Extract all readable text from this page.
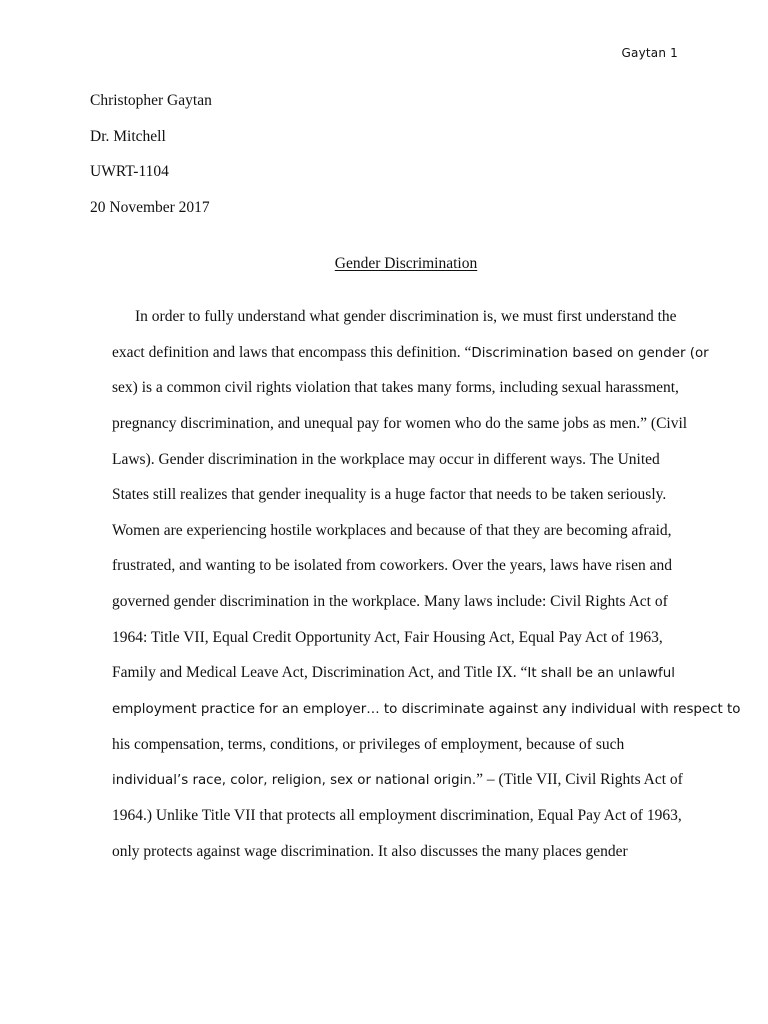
Gaytan 1
Christopher Gaytan
Dr. Mitchell
UWRT-1104
20 November 2017
Gender Discrimination
In order to fully understand what gender discrimination is, we must first understand the
exact definition and laws that encompass this definition. “Discrimination based on gender (or
sex) is a common civil rights violation that takes many forms, including sexual harassment,
pregnancy discrimination, and unequal pay for women who do the same jobs as men.” (Civil
Laws). Gender discrimination in the workplace may occur in different ways. The United
States still realizes that gender inequality is a huge factor that needs to be taken seriously.
Women are experiencing hostile workplaces and because of that they are becoming afraid,
frustrated, and wanting to be isolated from coworkers. Over the years, laws have risen and
governed gender discrimination in the workplace. Many laws include: Civil Rights Act of
1964: Title VII, Equal Credit Opportunity Act, Fair Housing Act, Equal Pay Act of 1963,
Family and Medical Leave Act, Discrimination Act, and Title IX. “It shall be an unlawful
employment practice for an employer… to discriminate against any individual with respect to
his compensation, terms, conditions, or privileges of employment, because of such
individual’s race, color, religion, sex or national origin.” – (Title VII, Civil Rights Act of
1964.) Unlike Title VII that protects all employment discrimination, Equal Pay Act of 1963,
only protects against wage discrimination. It also discusses the many places gender
